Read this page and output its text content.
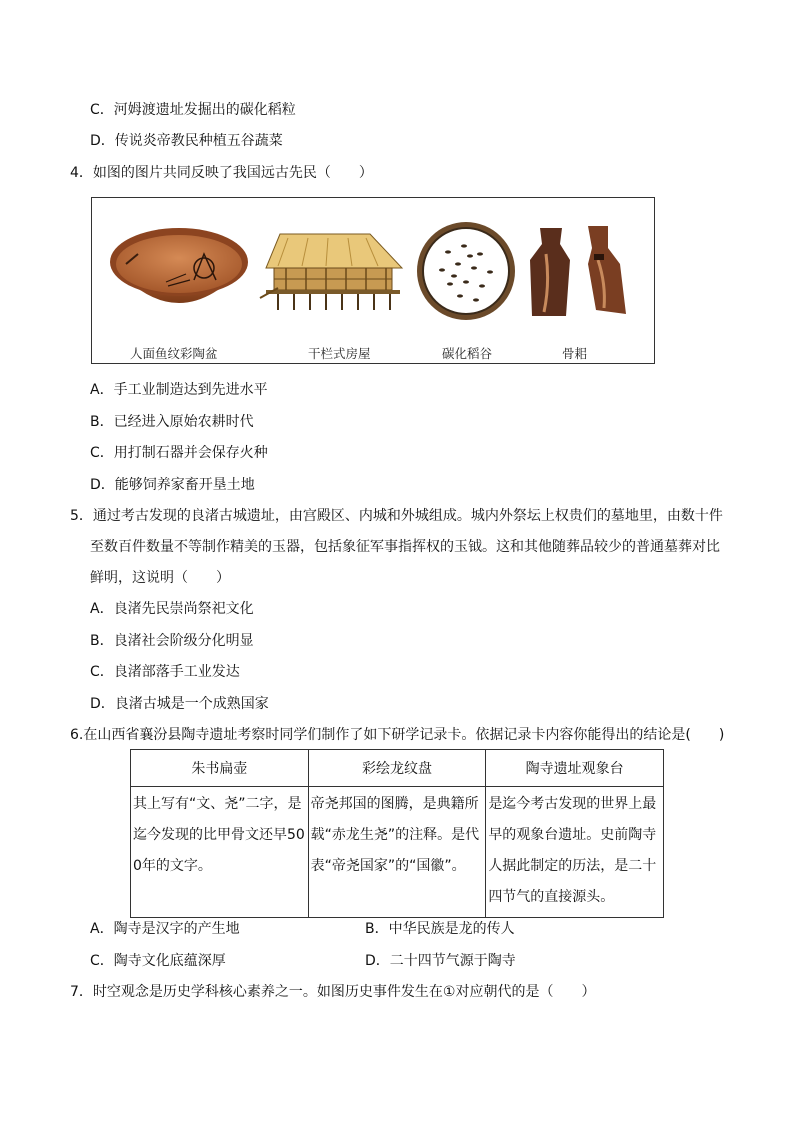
C．河姆渡遗址发掘出的碳化稻粒
D．传说炎帝教民种植五谷蔬菜
4．如图的图片共同反映了我国远古先民（　　）
人面鱼纹彩陶盆	干栏式房屋	碳化稻谷	骨耜
A．手工业制造达到先进水平
B．已经进入原始农耕时代
C．用打制石器并会保存火种
D．能够饲养家畜开垦土地
5．通过考古发现的良渚古城遗址，由宫殿区、内城和外城组成。城内外祭坛上权贵们的墓地里，由数十件
至数百件数量不等制作精美的玉器，包括象征军事指挥权的玉钺。这和其他随葬品较少的普通墓葬对比
鲜明，这说明（　　）
A．良渚先民崇尚祭祀文化
B．良渚社会阶级分化明显
C．良渚部落手工业发达
D．良渚古城是一个成熟国家
6.在山西省襄汾县陶寺遗址考察时同学们制作了如下研学记录卡。依据记录卡内容你能得出的结论是(　　)
朱书扁壶	彩绘龙纹盘	陶寺遗址观象台
其上写有“文、尧”二字，是迄今发现的比甲骨文还早500年的文字。	帝尧邦国的图腾，是典籍所载“赤龙生尧”的注释。是代表“帝尧国家”的“国徽”。	是迄今考古发现的世界上最早的观象台遗址。史前陶寺人据此制定的历法，是二十四节气的直接源头。
A．陶寺是汉字的产生地	B．中华民族是龙的传人
C．陶寺文化底蕴深厚	D．二十四节气源于陶寺
7．时空观念是历史学科核心素养之一。如图历史事件发生在①对应朝代的是（　　）
